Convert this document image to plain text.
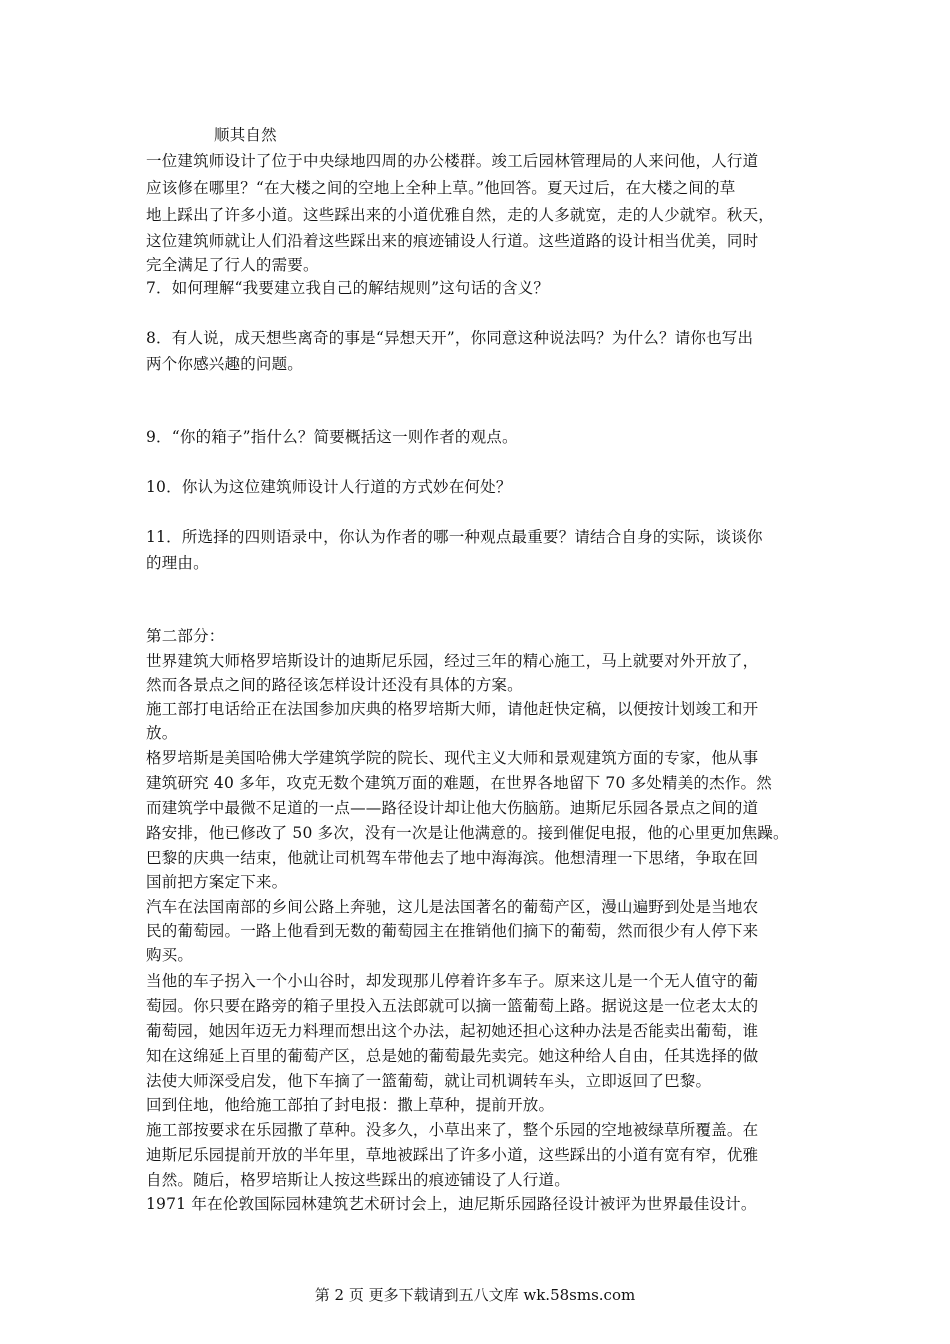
顺其自然
一位建筑师设计了位于中央绿地四周的办公楼群。竣工后园林管理局的人来问他，人行道
应该修在哪里？“在大楼之间的空地上全种上草。”他回答。夏天过后，在大楼之间的草
地上踩出了许多小道。这些踩出来的小道优雅自然，走的人多就宽，走的人少就窄。秋天，
这位建筑师就让人们沿着这些踩出来的痕迹铺设人行道。这些道路的设计相当优美，同时
完全满足了行人的需要。
7．如何理解“我要建立我自己的解结规则”这句话的含义？
8．有人说，成天想些离奇的事是“异想天开”，你同意这种说法吗？为什么？请你也写出
两个你感兴趣的问题。
9．“你的箱子”指什么？简要概括这一则作者的观点。
10．你认为这位建筑师设计人行道的方式妙在何处？
11．所选择的四则语录中，你认为作者的哪一种观点最重要？请结合自身的实际，谈谈你
的理由。
第二部分：
世界建筑大师格罗培斯设计的迪斯尼乐园，经过三年的精心施工，马上就要对外开放了，
然而各景点之间的路径该怎样设计还没有具体的方案。
施工部打电话给正在法国参加庆典的格罗培斯大师，请他赶快定稿，以便按计划竣工和开
放。
格罗培斯是美国哈佛大学建筑学院的院长、现代主义大师和景观建筑方面的专家，他从事
建筑研究 40 多年，攻克无数个建筑万面的难题，在世界各地留下 70 多处精美的杰作。然
而建筑学中最微不足道的一点——路径设计却让他大伤脑筋。迪斯尼乐园各景点之间的道
路安排，他已修改了 50 多次，没有一次是让他满意的。接到催促电报，他的心里更加焦躁。
巴黎的庆典一结束，他就让司机驾车带他去了地中海海滨。他想清理一下思绪，争取在回
国前把方案定下来。
汽车在法国南部的乡间公路上奔驰，这儿是法国著名的葡萄产区，漫山遍野到处是当地农
民的葡萄园。一路上他看到无数的葡萄园主在推销他们摘下的葡萄，然而很少有人停下来
购买。
当他的车子拐入一个小山谷时，却发现那儿停着许多车子。原来这儿是一个无人值守的葡
萄园。你只要在路旁的箱子里投入五法郎就可以摘一篮葡萄上路。据说这是一位老太太的
葡萄园，她因年迈无力料理而想出这个办法，起初她还担心这种办法是否能卖出葡萄，谁
知在这绵延上百里的葡萄产区，总是她的葡萄最先卖完。她这种给人自由，任其选择的做
法使大师深受启发，他下车摘了一篮葡萄，就让司机调转车头，立即返回了巴黎。
回到住地，他给施工部拍了封电报：撒上草种，提前开放。
施工部按要求在乐园撒了草种。没多久，小草出来了，整个乐园的空地被绿草所覆盖。在
迪斯尼乐园提前开放的半年里，草地被踩出了许多小道，这些踩出的小道有宽有窄，优雅
自然。随后，格罗培斯让人按这些踩出的痕迹铺设了人行道。
1971 年在伦敦国际园林建筑艺术研讨会上，迪尼斯乐园路径设计被评为世界最佳设计。
第 2 页 更多下载请到五八文库 wk.58sms.com
